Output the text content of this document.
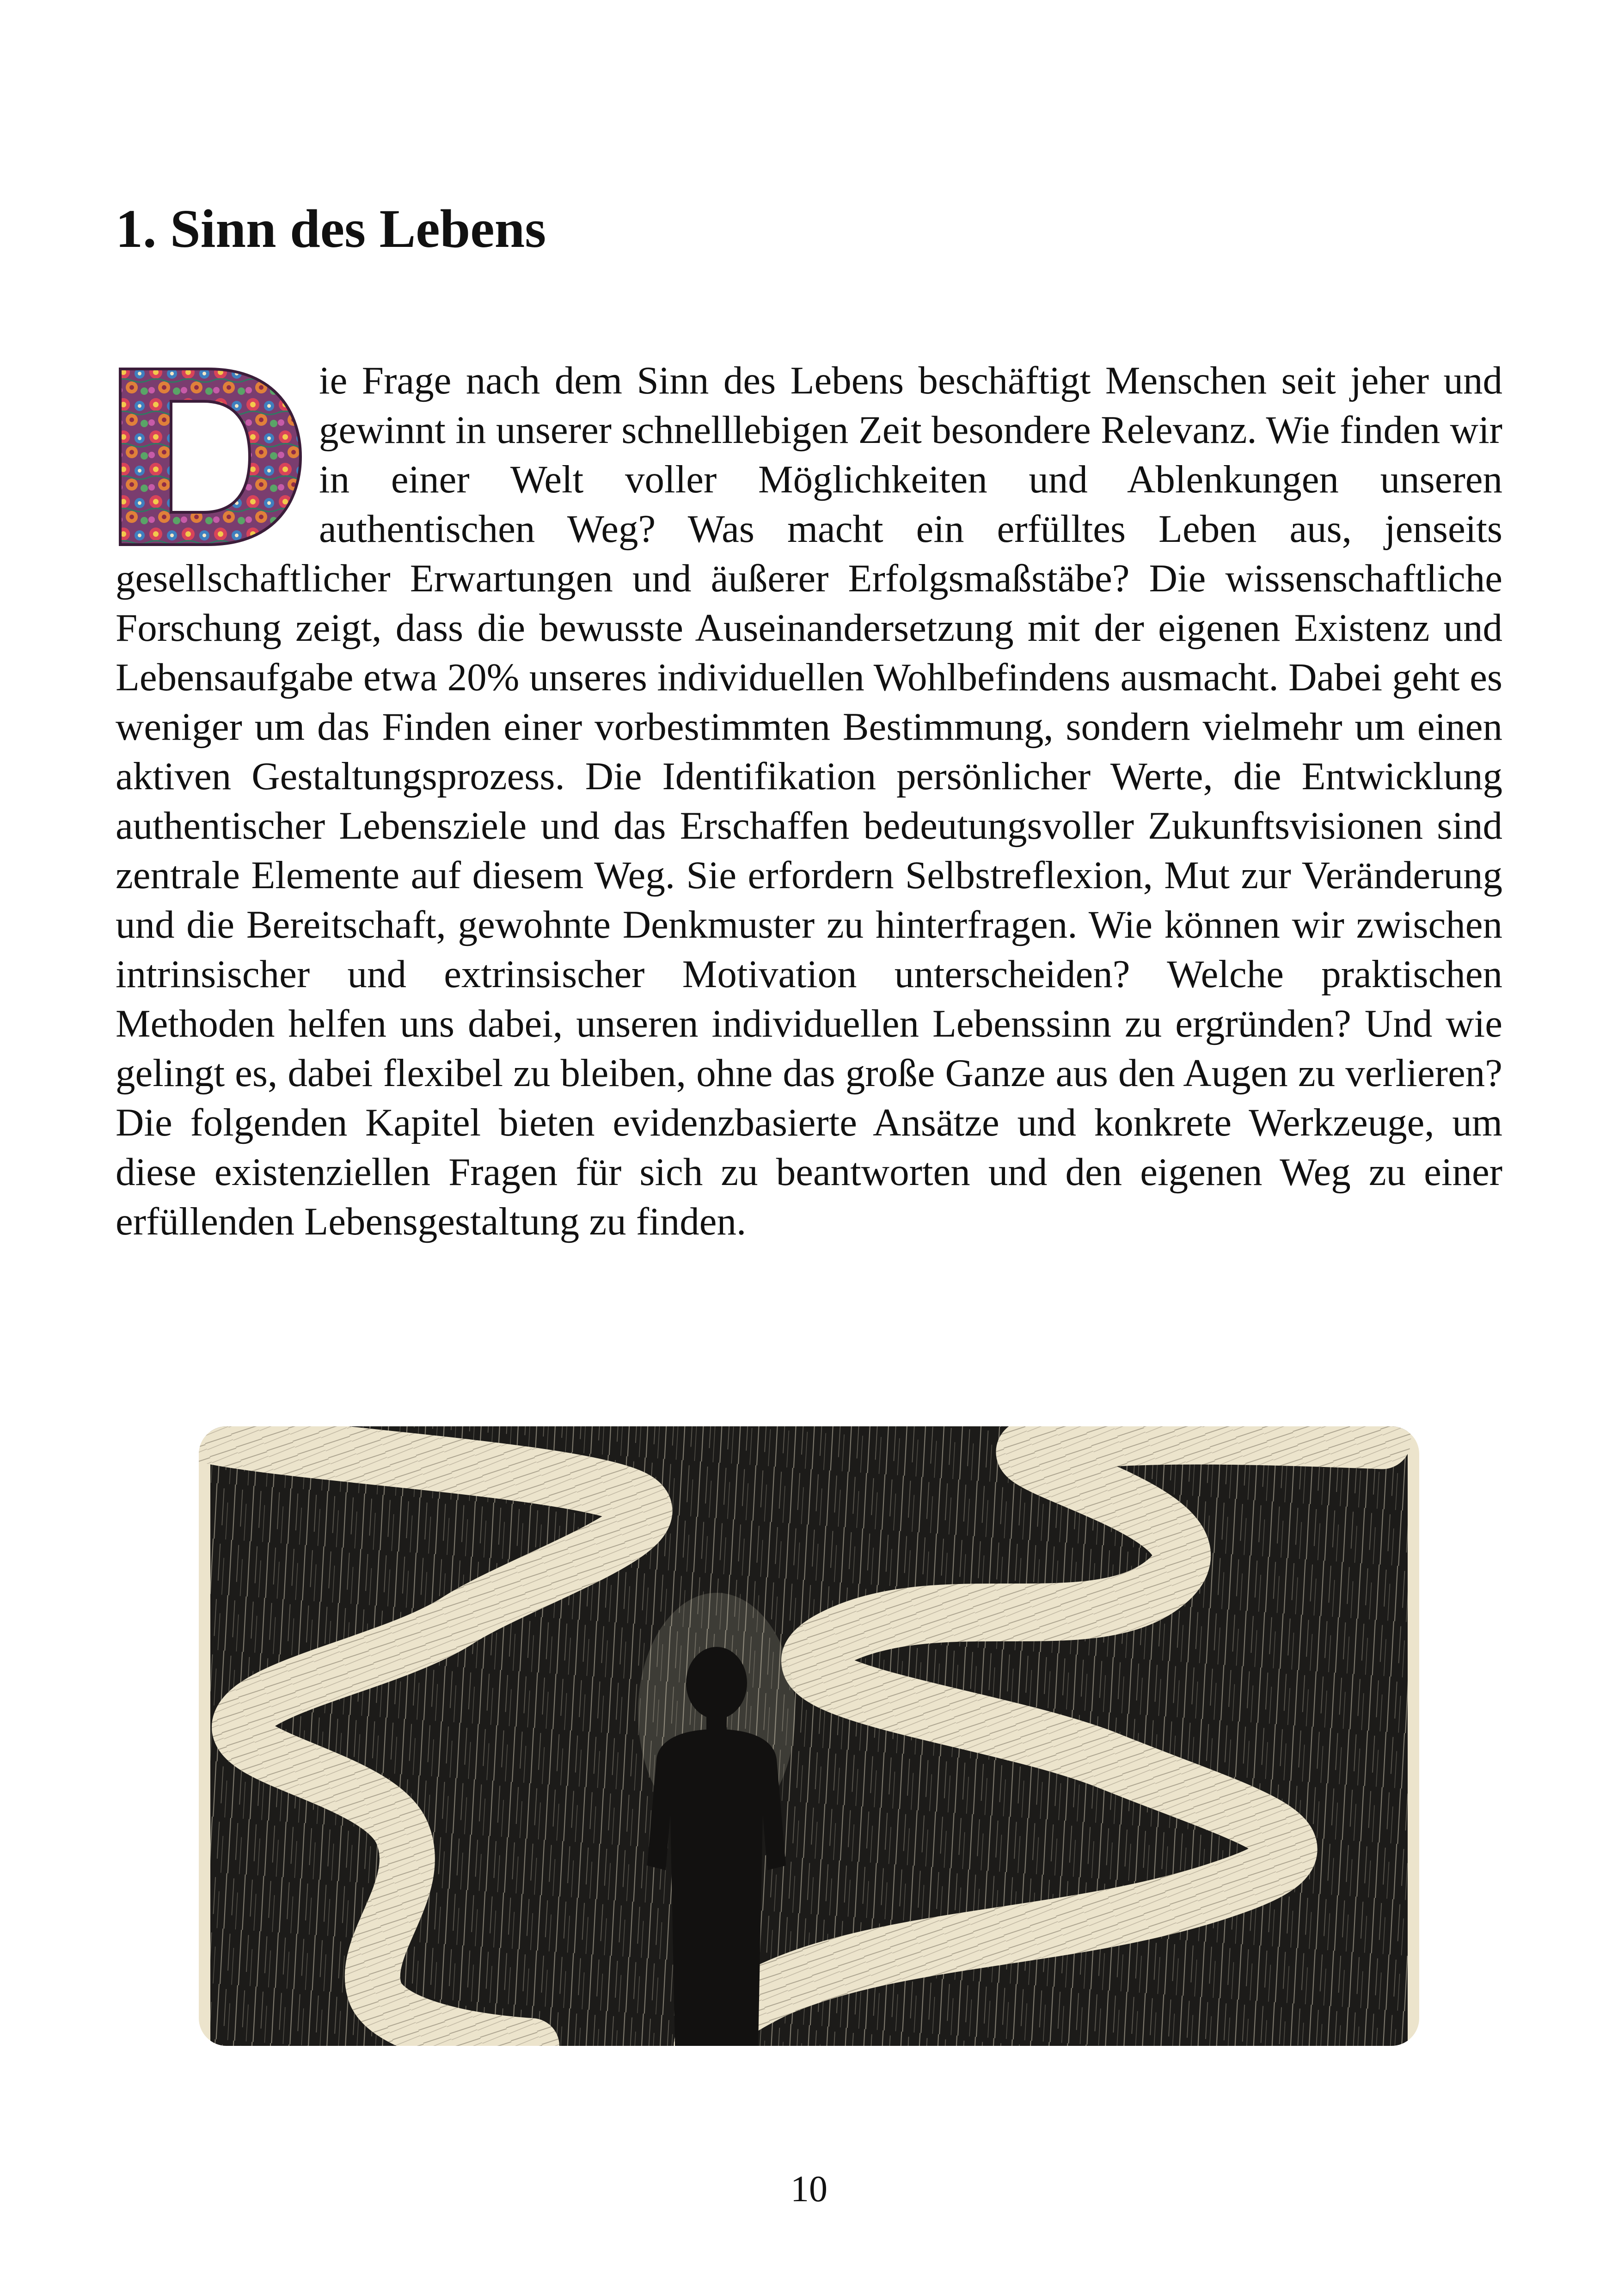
1. Sinn des Lebens

ie Frage nach dem Sinn des Lebens beschäftigt Menschen seit jeher und gewinnt in unserer schnelllebigen Zeit besondere Relevanz. Wie finden wir in einer Welt voller Möglichkeiten und Ablenkungen unseren authentischen Weg? Was macht ein erfülltes Leben aus, jenseits gesellschaftlicher Erwartungen und äußerer Erfolgsmaßstäbe? Die wissenschaftliche Forschung zeigt, dass die bewusste Auseinandersetzung mit der eigenen Existenz und Lebensaufgabe etwa 20% unseres individuellen Wohlbefindens ausmacht. Dabei geht es weniger um das Finden einer vorbestimmten Bestimmung, sondern vielmehr um einen aktiven Gestaltungsprozess. Die Identifikation persönlicher Werte, die Entwicklung authentischer Lebensziele und das Erschaffen bedeutungsvoller Zukunftsvisionen sind zentrale Elemente auf diesem Weg. Sie erfordern Selbstreflexion, Mut zur Veränderung und die Bereitschaft, gewohnte Denkmuster zu hinterfragen. Wie können wir zwischen intrinsischer und extrinsischer Motivation unterscheiden? Welche praktischen Methoden helfen uns dabei, unseren individuellen Lebenssinn zu ergründen? Und wie gelingt es, dabei flexibel zu bleiben, ohne das große Ganze aus den Augen zu verlieren? Die folgenden Kapitel bieten evidenzbasierte Ansätze und konkrete Werkzeuge, um diese existenziellen Fragen für sich zu beantworten und den eigenen Weg zu einer erfüllenden Lebensgestaltung zu finden.

10
